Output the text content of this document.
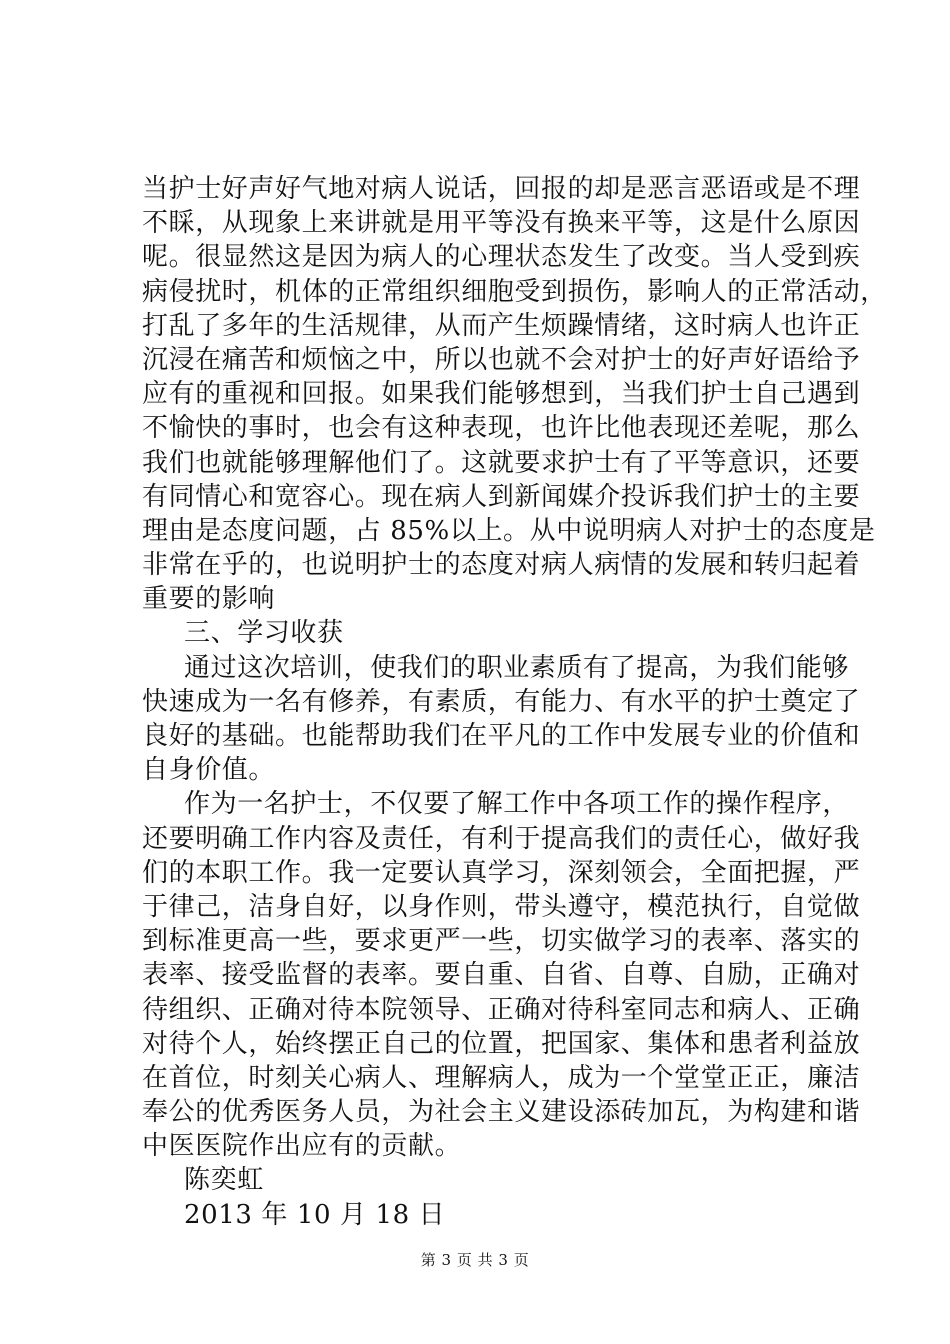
当护士好声好气地对病人说话，回报的却是恶言恶语或是不理
不睬，从现象上来讲就是用平等没有换来平等，这是什么原因
呢。很显然这是因为病人的心理状态发生了改变。当人受到疾
病侵扰时，机体的正常组织细胞受到损伤，影响人的正常活动，
打乱了多年的生活规律，从而产生烦躁情绪，这时病人也许正
沉浸在痛苦和烦恼之中，所以也就不会对护士的好声好语给予
应有的重视和回报。如果我们能够想到，当我们护士自己遇到
不愉快的事时，也会有这种表现，也许比他表现还差呢，那么
我们也就能够理解他们了。这就要求护士有了平等意识，还要
有同情心和宽容心。现在病人到新闻媒介投诉我们护士的主要
理由是态度问题，占 85%以上。从中说明病人对护士的态度是
非常在乎的，也说明护士的态度对病人病情的发展和转归起着
重要的影响
三、学习收获
通过这次培训，使我们的职业素质有了提高，为我们能够
快速成为一名有修养，有素质，有能力、有水平的护士奠定了
良好的基础。也能帮助我们在平凡的工作中发展专业的价值和
自身价值。
作为一名护士，不仅要了解工作中各项工作的操作程序，
还要明确工作内容及责任，有利于提高我们的责任心，做好我
们的本职工作。我一定要认真学习，深刻领会，全面把握，严
于律己，洁身自好，以身作则，带头遵守，模范执行，自觉做
到标准更高一些，要求更严一些，切实做学习的表率、落实的
表率、接受监督的表率。要自重、自省、自尊、自励，正确对
待组织、正确对待本院领导、正确对待科室同志和病人、正确
对待个人，始终摆正自己的位置，把国家、集体和患者利益放
在首位，时刻关心病人、理解病人，成为一个堂堂正正，廉洁
奉公的优秀医务人员，为社会主义建设添砖加瓦，为构建和谐
中医医院作出应有的贡献。
陈奕虹
2013 年 10 月 18 日
第 3 页 共 3 页
